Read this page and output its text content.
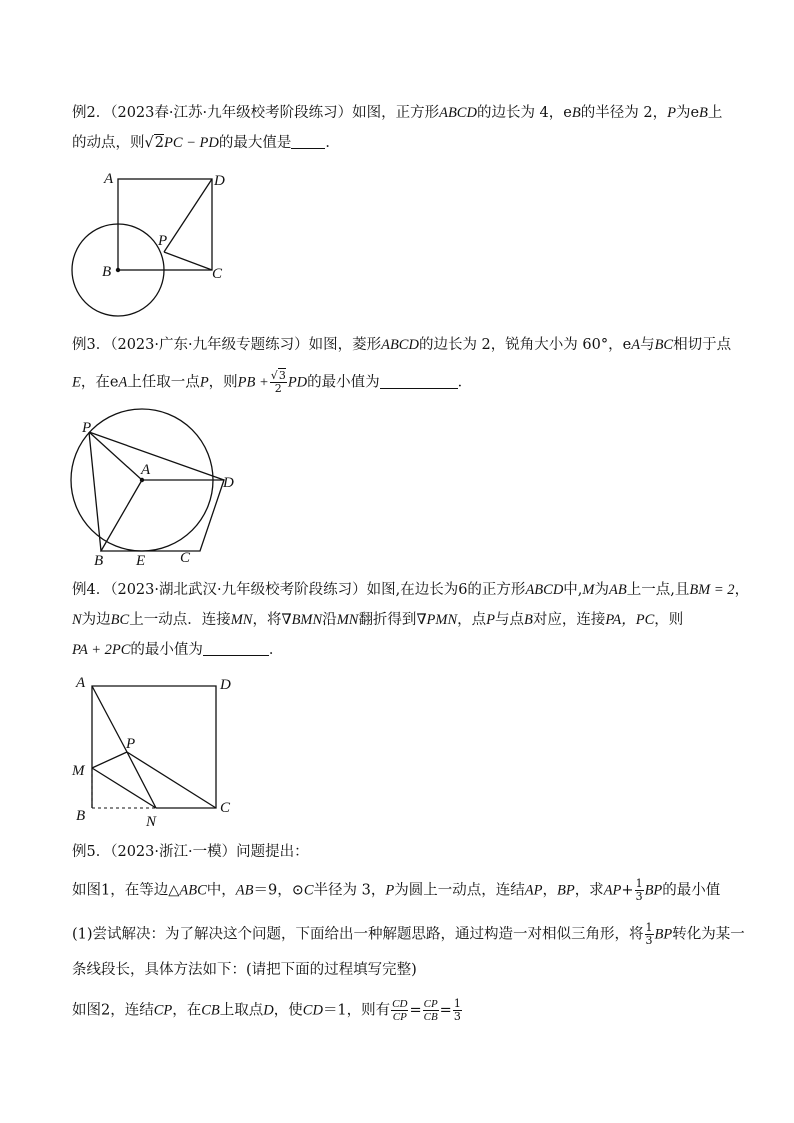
例2．（2023春·江苏·九年级校考阶段练习）如图，正方形ABCD的边长为 4，eB的半径为 2，P为eB上
的动点，则√2PC − PD的最大值是 ．
A	D
P
B	C
例3．（2023·广东·九年级专题练习）如图，菱形ABCD的边长为 2，锐角大小为 60°，eA与BC相切于点
E，在eA上任取一点P，则PB + $\frac{√3}{2}$ PD的最小值为	．
P
A
D
B E C
例4．（2023·湖北武汉·九年级校考阶段练习）如图,在边长为6的正方形ABCD中,M为AB上一点,且BM = 2，
N为边BC上一动点．连接MN，将∇BMN沿MN翻折得到∇PMN，点P与点B对应，连接PA，PC，则
PA + 2PC的最小值为	．
A	D
P
M
C
B	N
例5．（2023·浙江·一模）问题提出：
如图1，在等边△ABC中，AB＝9，⊙C半径为 3，P为圆上一动点，连结AP，BP，求$AP+ \frac{1}{3}$ BP的最小值
(1)尝试解决：为了解决这个问题，下面给出一种解题思路，通过构造一对相似三角形，将 $\frac{1}{3}$ BP转化为某一
条线段长，具体方法如下：(请把下面的过程填写完整)
如图2，连结CP，在CB上取点D，使CD＝1，则有 $\frac{CD}{CP} = \frac{CP}{CB} = \frac{1}{3}$
